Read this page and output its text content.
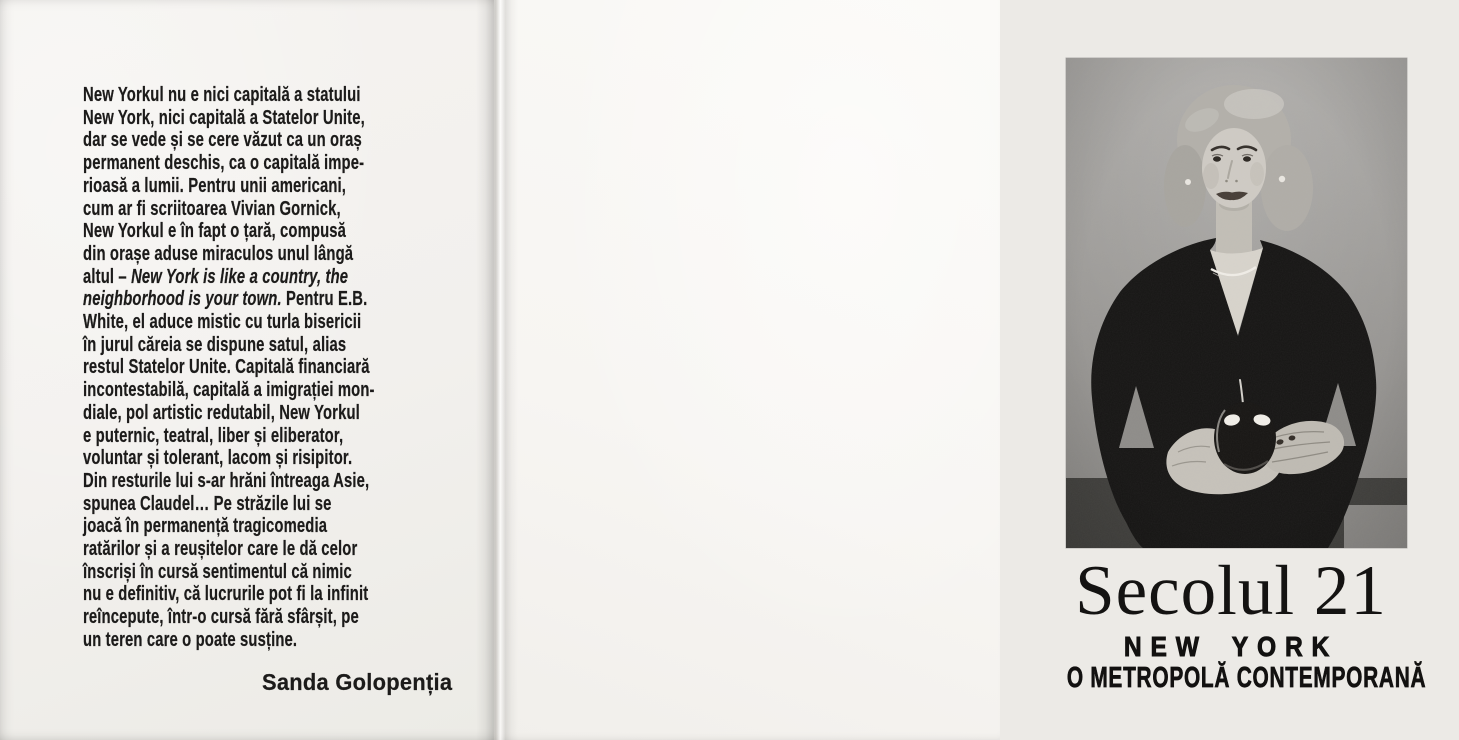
New Yorkul nu e nici capitală a statului
New York, nici capitală a Statelor Unite,
dar se vede și se cere văzut ca un oraș
permanent deschis, ca o capitală impe-
rioasă a lumii. Pentru unii americani,
cum ar fi scriitoarea Vivian Gornick,
New Yorkul e în fapt o țară, compusă
din orașe aduse miraculos unul lângă
altul – New York is like a country, the
neighborhood is your town. Pentru E.B.
White, el aduce mistic cu turla bisericii
în jurul căreia se dispune satul, alias
restul Statelor Unite. Capitală financiară
incontestabilă, capitală a imigrației mon-
diale, pol artistic redutabil, New Yorkul
e puternic, teatral, liber și eliberator,
voluntar și tolerant, lacom și risipitor.
Din resturile lui s-ar hrăni întreaga Asie,
spunea Claudel… Pe străzile lui se
joacă în permanență tragicomedia
ratărilor și a reușitelor care le dă celor
înscriși în cursă sentimentul că nimic
nu e definitiv, că lucrurile pot fi la infinit
reîncepute, într-o cursă fără sfârșit, pe
un teren care o poate susține.
Sanda Golopenția
Secolul 21
NEW YORK
O METROPOLĂ CONTEMPORANĂ
